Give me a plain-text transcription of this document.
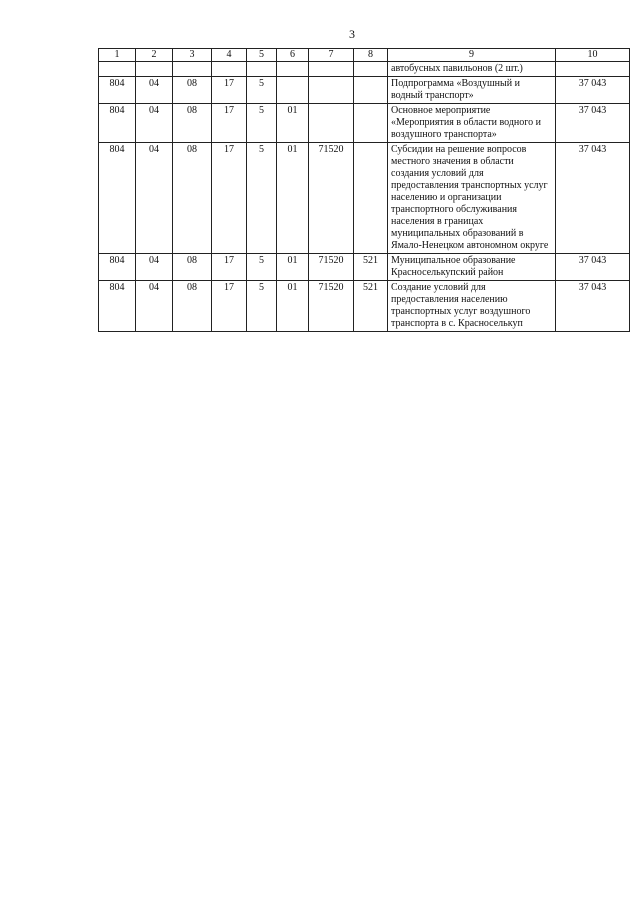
3
1	2	3	4	5	6	7	8	9	10
								автобусных павильонов (2 шт.)	
804	04	08	17	5				Подпрограмма «Воздушный и водный транспорт»	37 043
804	04	08	17	5	01			Основное мероприятие «Мероприятия в области водного и воздушного транспорта»	37 043
804	04	08	17	5	01	71520		Субсидии на решение вопросов местного значения в области создания условий для предоставления транспортных услуг населению и организации транспортного обслуживания населения в границах муниципальных образований в Ямало-Ненецком автономном округе	37 043
804	04	08	17	5	01	71520	521	Муниципальное образование Красноселькупский район	37 043
804	04	08	17	5	01	71520	521	Создание условий для предоставления населению транспортных услуг воздушного транспорта в с. Красноселькуп	37 043
